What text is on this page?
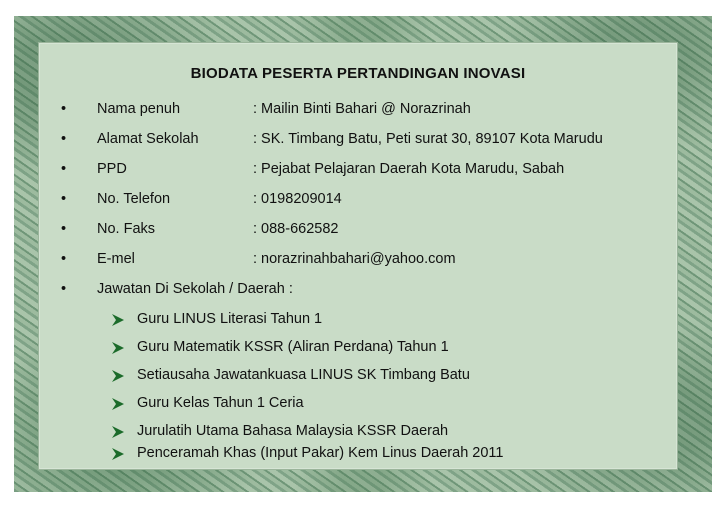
BIODATA PESERTA PERTANDINGAN INOVASI
• Nama penuh	: Mailin Binti Bahari @ Norazrinah
• Alamat Sekolah	: SK. Timbang Batu, Peti surat 30, 89107 Kota Marudu
• PPD	: Pejabat Pelajaran Daerah Kota Marudu, Sabah
• No. Telefon	: 0198209014
• No. Faks	: 088-662582
• E-mel	: norazrinahbahari@yahoo.com
• Jawatan Di Sekolah / Daerah :
Guru LINUS Literasi Tahun 1
Guru Matematik KSSR (Aliran Perdana) Tahun 1
Setiausaha Jawatankuasa LINUS SK Timbang Batu
Guru Kelas Tahun 1 Ceria
Jurulatih Utama Bahasa Malaysia KSSR Daerah
Penceramah Khas (Input Pakar) Kem Linus Daerah 2011
